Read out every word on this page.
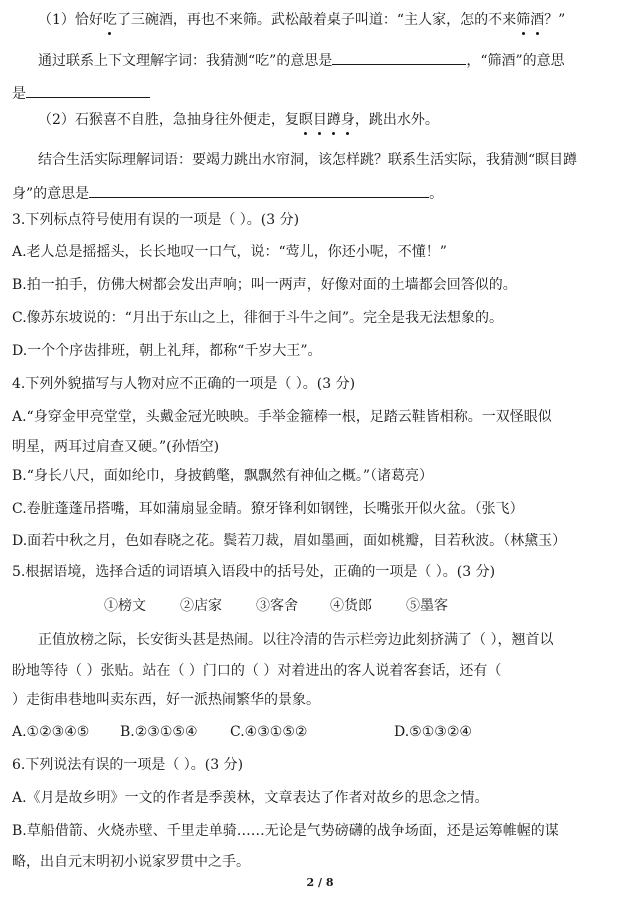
（1）恰好吃了三碗酒，再也不来筛。武松敲着桌子叫道：“主人家，怎的不来筛酒？”
通过联系上下文理解字词：我猜测“吃”的意思是	，“筛酒”的意思
是
（2）石猴喜不自胜，急抽身往外便走，复瞑目蹲身，跳出水外。
结合生活实际理解词语：要竭力跳出水帘洞，该怎样跳？联系生活实际，我猜测“瞑目蹲
身”的意思是	。
3.下列标点符号使用有误的一项是（ ）。(3 分)
A.老人总是摇摇头，长长地叹一口气，说：“莺儿，你还小呢，不懂！”
B.拍一拍手，仿佛大树都会发出声响；叫一两声，好像对面的土墙都会回答似的。
C.像苏东坡说的：“月出于东山之上，徘徊于斗牛之间”。完全是我无法想象的。
D.一个个序齿排班，朝上礼拜，都称“千岁大王”。
4.下列外貌描写与人物对应不正确的一项是（ ）。(3 分)
A.“身穿金甲亮堂堂，头戴金冠光映映。手举金箍棒一根，足踏云鞋皆相称。一双怪眼似
明星，两耳过肩查又硬。”(孙悟空)
B.“身长八尺，面如纶巾，身披鹤氅，飘飘然有神仙之概。”（诸葛亮）
C.卷脏蓬蓬吊搭嘴，耳如蒲扇显金睛。獠牙锋利如钢锉，长嘴张开似火盆。（张飞）
D.面若中秋之月，色如春晓之花。鬓若刀裁，眉如墨画，面如桃瓣，目若秋波。（林黛玉）
5.根据语境，选择合适的词语填入语段中的括号处，正确的一项是（ ）。(3 分)
①榜文 ②店家 ③客舍 ④货郎 ⑤墨客
正值放榜之际，长安街头甚是热闹。以往冷清的告示栏旁边此刻挤满了（ ），翘首以
盼地等待（ ）张贴。站在（ ）门口的（ ）对着进出的客人说着客套话，还有（
）走街串巷地叫卖东西，好一派热闹繁华的景象。
A.①②③④⑤ B.②③①⑤④ C.④③①⑤②	D.⑤①③②④
6.下列说法有误的一项是（ ）。(3 分)
A.《月是故乡明》一文的作者是季羡林，文章表达了作者对故乡的思念之情。
B.草船借箭、火烧赤壁、千里走单骑……无论是气势磅礴的战争场面，还是运筹帷幄的谋
略，出自元末明初小说家罗贯中之手。
2 / 8
